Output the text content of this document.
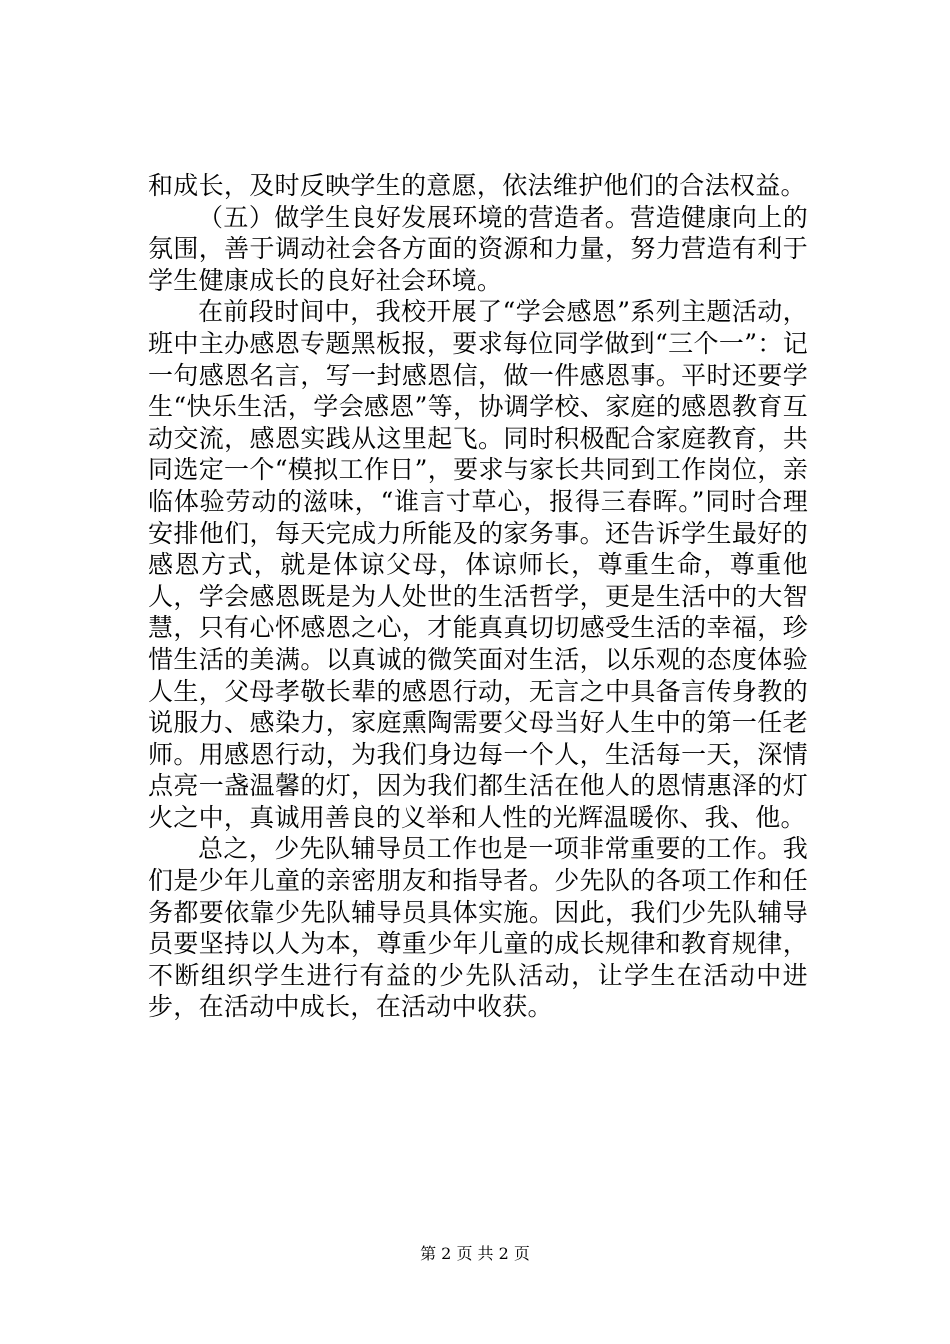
和成长，及时反映学生的意愿，依法维护他们的合法权益。

（五）做学生良好发展环境的营造者。营造健康向上的氛围，善于调动社会各方面的资源和力量，努力营造有利于学生健康成长的良好社会环境。

在前段时间中，我校开展了“学会感恩”系列主题活动，班中主办感恩专题黑板报，要求每位同学做到“三个一”：记一句感恩名言，写一封感恩信，做一件感恩事。平时还要学生“快乐生活，学会感恩”等，协调学校、家庭的感恩教育互动交流，感恩实践从这里起飞。同时积极配合家庭教育，共同选定一个“模拟工作日”，要求与家长共同到工作岗位，亲临体验劳动的滋味，“谁言寸草心，报得三春晖。”同时合理安排他们，每天完成力所能及的家务事。还告诉学生最好的感恩方式，就是体谅父母，体谅师长，尊重生命，尊重他人，学会感恩既是为人处世的生活哲学，更是生活中的大智慧，只有心怀感恩之心，才能真真切切感受生活的幸福，珍惜生活的美满。以真诚的微笑面对生活，以乐观的态度体验人生，父母孝敬长辈的感恩行动，无言之中具备言传身教的说服力、感染力，家庭熏陶需要父母当好人生中的第一任老师。用感恩行动，为我们身边每一个人，生活每一天，深情点亮一盏温馨的灯，因为我们都生活在他人的恩情惠泽的灯火之中，真诚用善良的义举和人性的光辉温暖你、我、他。

总之，少先队辅导员工作也是一项非常重要的工作。我们是少年儿童的亲密朋友和指导者。少先队的各项工作和任务都要依靠少先队辅导员具体实施。因此，我们少先队辅导员要坚持以人为本，尊重少年儿童的成长规律和教育规律，不断组织学生进行有益的少先队活动，让学生在活动中进步，在活动中成长，在活动中收获。

第 2 页 共 2 页
